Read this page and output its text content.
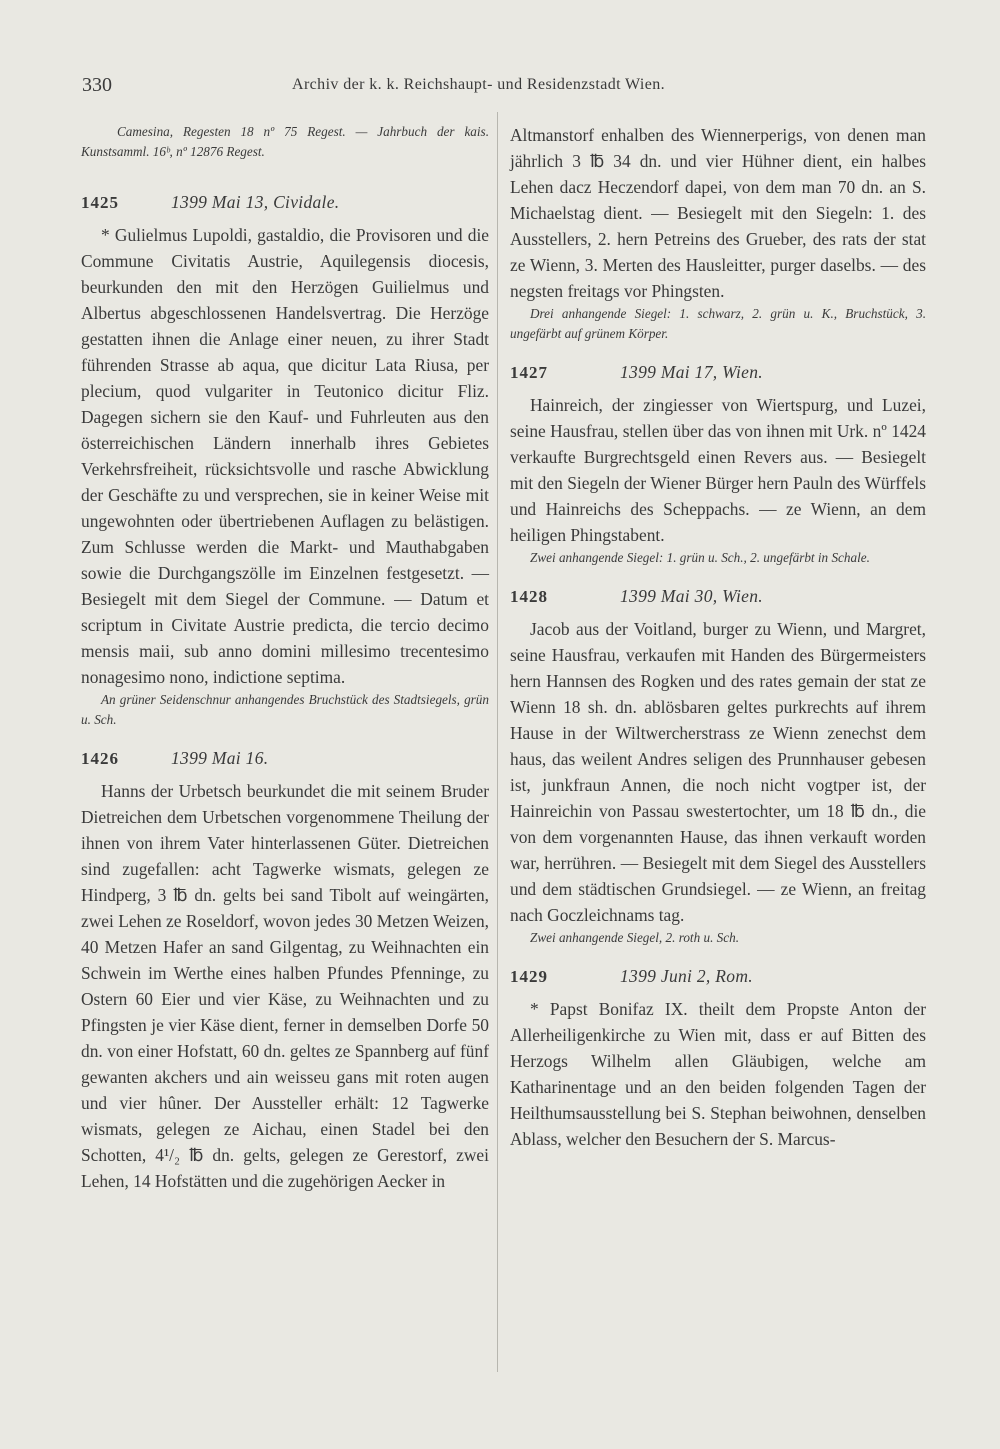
330	Archiv der k. k. Reichshaupt- und Residenzstadt Wien.

Camesina, Regesten 18 nº 75 Regest. — Jahrbuch der kais. Kunstsamml. 16ᵇ, nº 12876 Regest.

1425	1399 Mai 13, Cividale.

* Gulielmus Lupoldi, gastaldio, die Provisoren und die Commune Civitatis Austrie, Aquilegensis diocesis, beurkunden den mit den Herzögen Guilielmus und Albertus abgeschlossenen Handelsvertrag. Die Herzöge gestatten ihnen die Anlage einer neuen, zu ihrer Stadt führenden Strasse ab aqua, que dicitur Lata Riusa, per plecium, quod vulgariter in Teutonico dicitur Fliz. Dagegen sichern sie den Kauf- und Fuhrleuten aus den österreichischen Ländern innerhalb ihres Gebietes Verkehrsfreiheit, rücksichtsvolle und rasche Abwicklung der Geschäfte zu und versprechen, sie in keiner Weise mit ungewohnten oder übertriebenen Auflagen zu belästigen. Zum Schlusse werden die Markt- und Mauthabgaben sowie die Durchgangszölle im Einzelnen festgesetzt. — Besiegelt mit dem Siegel der Commune. — Datum et scriptum in Civitate Austrie predicta, die tercio decimo mensis maii, sub anno domini millesimo trecentesimo nonagesimo nono, indictione septima.

An grüner Seidenschnur anhangendes Bruchstück des Stadtsiegels, grün u. Sch.

1426	1399 Mai 16.

Hanns der Urbetsch beurkundet die mit seinem Bruder Dietreichen dem Urbetschen vorgenommene Theilung der ihnen von ihrem Vater hinterlassenen Güter. Dietreichen sind zugefallen: acht Tagwerke wismats, gelegen ze Hindperg, 3 ℔ dn. gelts bei sand Tibolt auf weingärten, zwei Lehen ze Roseldorf, wovon jedes 30 Metzen Weizen, 40 Metzen Hafer an sand Gilgentag, zu Weihnachten ein Schwein im Werthe eines halben Pfundes Pfenninge, zu Ostern 60 Eier und vier Käse, zu Weihnachten und zu Pfingsten je vier Käse dient, ferner in demselben Dorfe 50 dn. von einer Hofstatt, 60 dn. geltes ze Spannberg auf fünf gewanten akchers und ain weisseu gans mit roten augen und vier hûner. Der Aussteller erhält: 12 Tagwerke wismats, gelegen ze Aichau, einen Stadel bei den Schotten, 4¹/₂ ℔ dn. gelts, gelegen ze Gerestorf, zwei Lehen, 14 Hofstätten und die zugehörigen Aecker in

Altmanstorf enhalben des Wiennerperigs, von denen man jährlich 3 ℔ 34 dn. und vier Hühner dient, ein halbes Lehen dacz Heczendorf dapei, von dem man 70 dn. an S. Michaelstag dient. — Besiegelt mit den Siegeln: 1. des Ausstellers, 2. hern Petreins des Grueber, des rats der stat ze Wienn, 3. Merten des Hausleitter, purger daselbs. — des negsten freitags vor Phingsten.

Drei anhangende Siegel: 1. schwarz, 2. grün u. K., Bruchstück, 3. ungefärbt auf grünem Körper.

1427	1399 Mai 17, Wien.

Hainreich, der zingiesser von Wiertspurg, und Luzei, seine Hausfrau, stellen über das von ihnen mit Urk. nº 1424 verkaufte Burgrechtsgeld einen Revers aus. — Besiegelt mit den Siegeln der Wiener Bürger hern Pauln des Würffels und Hainreichs des Scheppachs. — ze Wienn, an dem heiligen Phingstabent.

Zwei anhangende Siegel: 1. grün u. Sch., 2. ungefärbt in Schale.

1428	1399 Mai 30, Wien.

Jacob aus der Voitland, burger zu Wienn, und Margret, seine Hausfrau, verkaufen mit Handen des Bürgermeisters hern Hannsen des Rogken und des rates gemain der stat ze Wienn 18 sh. dn. ablösbaren geltes purkrechts auf ihrem Hause in der Wiltwercherstrass ze Wienn zenechst dem haus, das weilent Andres seligen des Prunnhauser gebesen ist, junkfraun Annen, die noch nicht vogtper ist, der Hainreichin von Passau swestertochter, um 18 ℔ dn., die von dem vorgenannten Hause, das ihnen verkauft worden war, herrühren. — Besiegelt mit dem Siegel des Ausstellers und dem städtischen Grundsiegel. — ze Wienn, an freitag nach Goczleichnams tag.

Zwei anhangende Siegel, 2. roth u. Sch.

1429	1399 Juni 2, Rom.

* Papst Bonifaz IX. theilt dem Propste Anton der Allerheiligenkirche zu Wien mit, dass er auf Bitten des Herzogs Wilhelm allen Gläubigen, welche am Katharinentage und an den beiden folgenden Tagen der Heilthumsausstellung bei S. Stephan beiwohnen, denselben Ablass, welcher den Besuchern der S. Marcus-
